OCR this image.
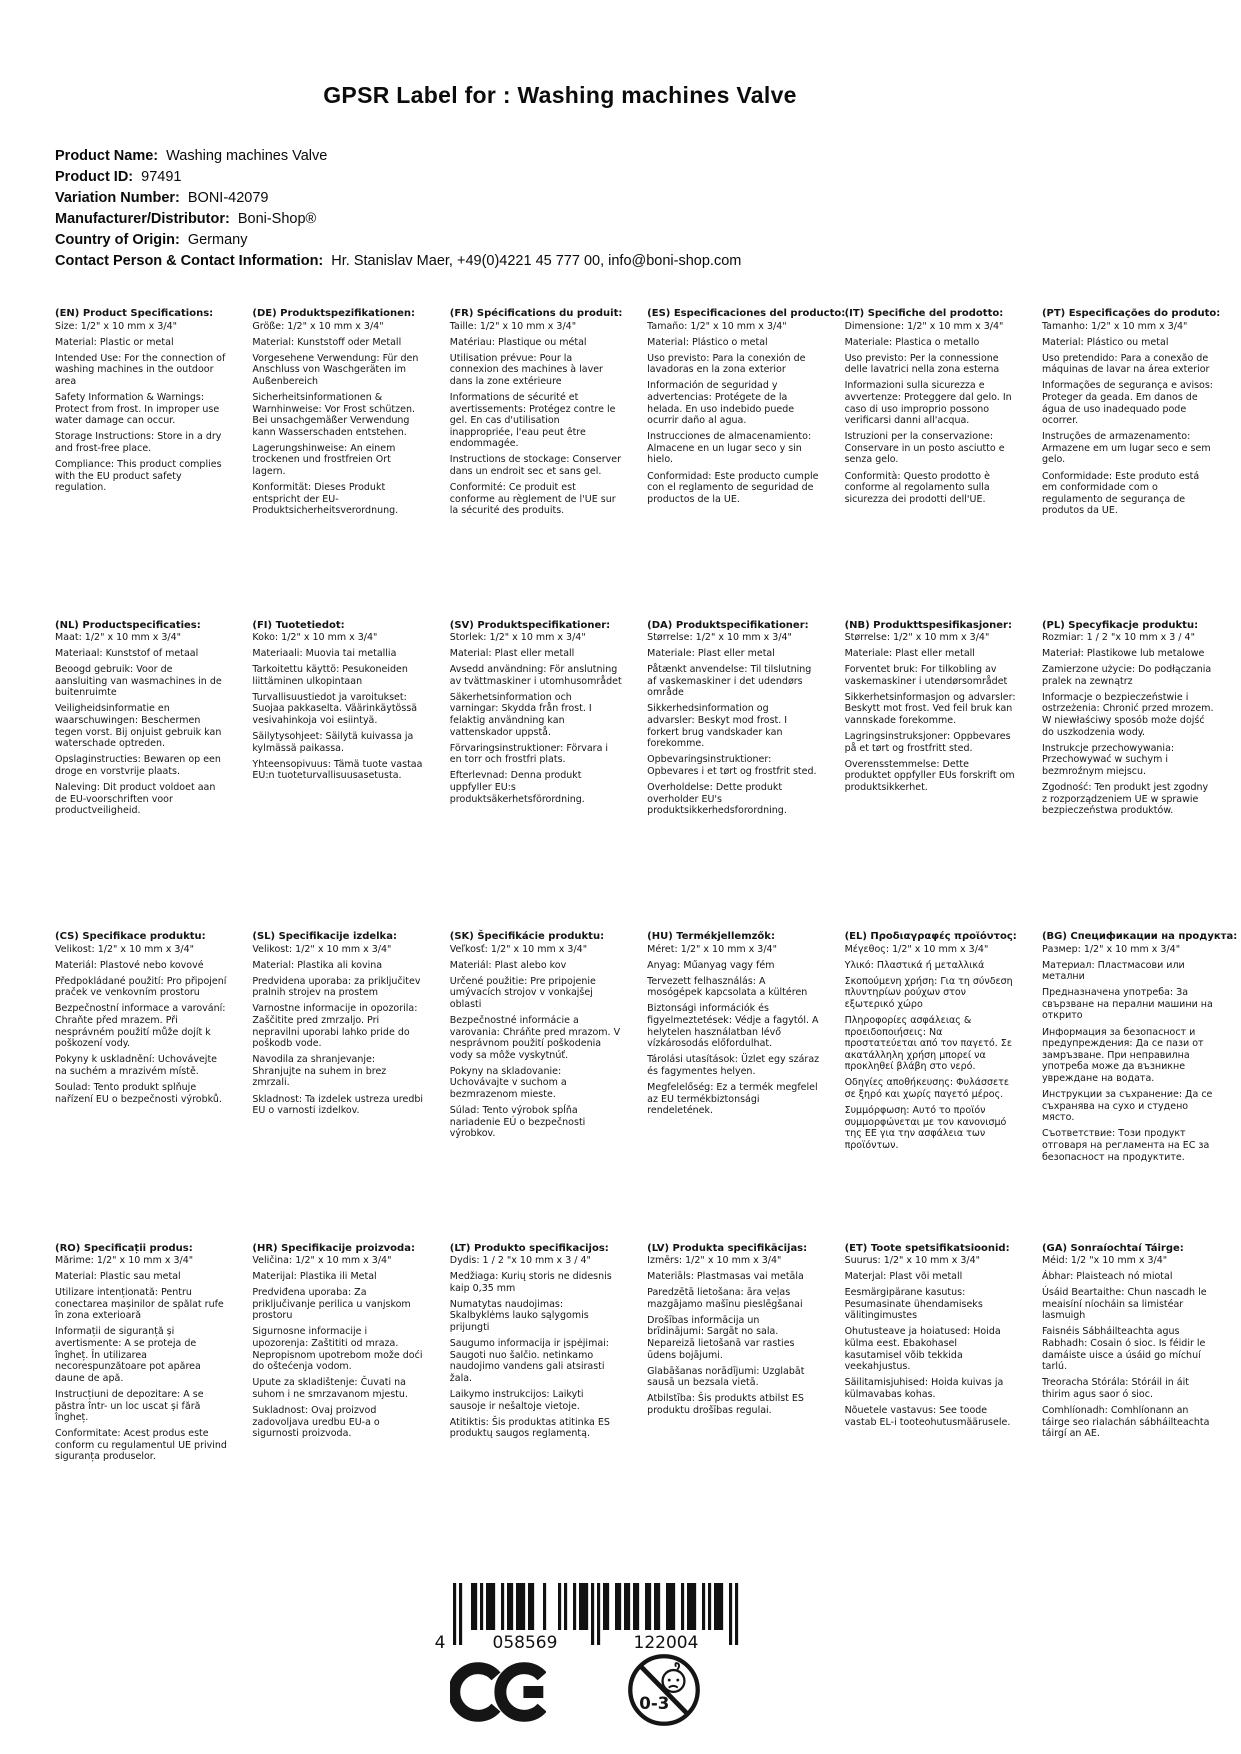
GPSR Label for : Washing machines Valve
Product Name: Washing machines Valve
Product ID: 97491
Variation Number: BONI-42079
Manufacturer/Distributor: Boni-Shop®
Country of Origin: Germany
Contact Person & Contact Information: Hr. Stanislav Maer, +49(0)4221 45 777 00, info@boni-shop.com

(EN) Product Specifications:

Size: 1/2" x 10 mm x 3/4"

Material: Plastic or metal

Intended Use: For the connection of washing machines in the outdoor area

Safety Information & Warnings: Protect from frost. In improper use water damage can occur.

Storage Instructions: Store in a dry and frost-free place.

Compliance: This product complies with the EU product safety regulation.

(DE) Produktspezifikationen:

Größe: 1/2" x 10 mm x 3/4"

Material: Kunststoff oder Metall

Vorgesehene Verwendung: Für den Anschluss von Waschgeräten im Außenbereich

Sicherheitsinformationen & Warnhinweise: Vor Frost schützen. Bei unsachgemäßer Verwendung kann Wasserschaden entstehen.

Lagerungshinweise: An einem trockenen und frostfreien Ort lagern.

Konformität: Dieses Produkt entspricht der EU-Produktsicherheitsverordnung.

(FR) Spécifications du produit:

Taille: 1/2" x 10 mm x 3/4"

Matériau: Plastique ou métal

Utilisation prévue: Pour la connexion des machines à laver dans la zone extérieure

Informations de sécurité et avertissements: Protégez contre le gel. En cas d'utilisation inappropriée, l'eau peut être endommagée.

Instructions de stockage: Conserver dans un endroit sec et sans gel.

Conformité: Ce produit est conforme au règlement de l'UE sur la sécurité des produits.

(ES) Especificaciones del producto:

Tamaño: 1/2" x 10 mm x 3/4"

Material: Plástico o metal

Uso previsto: Para la conexión de lavadoras en la zona exterior

Información de seguridad y advertencias: Protégete de la helada. En uso indebido puede ocurrir daño al agua.

Instrucciones de almacenamiento: Almacene en un lugar seco y sin hielo.

Conformidad: Este producto cumple con el reglamento de seguridad de productos de la UE.

(IT) Specifiche del prodotto:

Dimensione: 1/2" x 10 mm x 3/4"

Materiale: Plastica o metallo

Uso previsto: Per la connessione delle lavatrici nella zona esterna

Informazioni sulla sicurezza e avvertenze: Proteggere dal gelo. In caso di uso improprio possono verificarsi danni all'acqua.

Istruzioni per la conservazione: Conservare in un posto asciutto e senza gelo.

Conformità: Questo prodotto è conforme al regolamento sulla sicurezza dei prodotti dell'UE.

(PT) Especificações do produto:

Tamanho: 1/2" x 10 mm x 3/4"

Material: Plástico ou metal

Uso pretendido: Para a conexão de máquinas de lavar na área exterior

Informações de segurança e avisos: Proteger da geada. Em danos de água de uso inadequado pode ocorrer.

Instruções de armazenamento: Armazene em um lugar seco e sem gelo.

Conformidade: Este produto está em conformidade com o regulamento de segurança de produtos da UE.

(NL) Productspecificaties:

Maat: 1/2" x 10 mm x 3/4"

Materiaal: Kunststof of metaal

Beoogd gebruik: Voor de aansluiting van wasmachines in de buitenruimte

Veiligheidsinformatie en waarschuwingen: Beschermen tegen vorst. Bij onjuist gebruik kan waterschade optreden.

Opslaginstructies: Bewaren op een droge en vorstvrije plaats.

Naleving: Dit product voldoet aan de EU-voorschriften voor productveiligheid.

(FI) Tuotetiedot:

Koko: 1/2" x 10 mm x 3/4"

Materiaali: Muovia tai metallia

Tarkoitettu käyttö: Pesukoneiden liittäminen ulkopintaan

Turvallisuustiedot ja varoitukset: Suojaa pakkaselta. Väärinkäytössä vesivahinkoja voi esiintyä.

Säilytysohjeet: Säilytä kuivassa ja kylmässä paikassa.

Yhteensopivuus: Tämä tuote vastaa EU:n tuoteturvallisuusasetusta.

(SV) Produktspecifikationer:

Storlek: 1/2" x 10 mm x 3/4"

Material: Plast eller metall

Avsedd användning: För anslutning av tvättmaskiner i utomhusområdet

Säkerhetsinformation och varningar: Skydda från frost. I felaktig användning kan vattenskador uppstå.

Förvaringsinstruktioner: Förvara i en torr och frostfri plats.

Efterlevnad: Denna produkt uppfyller EU:s produktsäkerhetsförordning.

(DA) Produktspecifikationer:

Størrelse: 1/2" x 10 mm x 3/4"

Materiale: Plast eller metal

Påtænkt anvendelse: Til tilslutning af vaskemaskiner i det udendørs område

Sikkerhedsinformation og advarsler: Beskyt mod frost. I forkert brug vandskader kan forekomme.

Opbevaringsinstruktioner: Opbevares i et tørt og frostfrit sted.

Overholdelse: Dette produkt overholder EU's produktsikkerhedsforordning.

(NB) Produkttspesifikasjoner:

Størrelse: 1/2" x 10 mm x 3/4"

Materiale: Plast eller metall

Forventet bruk: For tilkobling av vaskemaskiner i utendørsområdet

Sikkerhetsinformasjon og advarsler: Beskytt mot frost. Ved feil bruk kan vannskade forekomme.

Lagringsinstruksjoner: Oppbevares på et tørt og frostfritt sted.

Overensstemmelse: Dette produktet oppfyller EUs forskrift om produktsikkerhet.

(PL) Specyfikacje produktu:

Rozmiar: 1 / 2 "x 10 mm x 3 / 4"

Materiał: Plastikowe lub metalowe

Zamierzone użycie: Do podłączania pralek na zewnątrz

Informacje o bezpieczeństwie i ostrzeżenia: Chronić przed mrozem. W niewłaściwy sposób może dojść do uszkodzenia wody.

Instrukcje przechowywania: Przechowywać w suchym i bezmroźnym miejscu.

Zgodność: Ten produkt jest zgodny z rozporządzeniem UE w sprawie bezpieczeństwa produktów.

(CS) Specifikace produktu:

Velikost: 1/2" x 10 mm x 3/4"

Materiál: Plastové nebo kovové

Předpokládané použití: Pro připojení praček ve venkovním prostoru

Bezpečnostní informace a varování: Chraňte před mrazem. Při nesprávném použití může dojít k poškození vody.

Pokyny k uskladnění: Uchovávejte na suchém a mrazivém místě.

Soulad: Tento produkt splňuje nařízení EU o bezpečnosti výrobků.

(SL) Specifikacije izdelka:

Velikost: 1/2" x 10 mm x 3/4"

Material: Plastika ali kovina

Predvidena uporaba: za priključitev pralnih strojev na prostem

Varnostne informacije in opozorila: Zaščitite pred zmrzaljo. Pri nepravilni uporabi lahko pride do poškodb vode.

Navodila za shranjevanje: Shranjujte na suhem in brez zmrzali.

Skladnost: Ta izdelek ustreza uredbi EU o varnosti izdelkov.

(SK) Špecifikácie produktu:

Veľkosť: 1/2" x 10 mm x 3/4"

Materiál: Plast alebo kov

Určené použitie: Pre pripojenie umývacích strojov v vonkajšej oblasti

Bezpečnostné informácie a varovania: Chráňte pred mrazom. V nesprávnom použití poškodenia vody sa môže vyskytnúť.

Pokyny na skladovanie: Uchovávajte v suchom a bezmrazenom mieste.

Súlad: Tento výrobok spĺňa nariadenie EÚ o bezpečnosti výrobkov.

(HU) Termékjellemzők:

Méret: 1/2" x 10 mm x 3/4"

Anyag: Műanyag vagy fém

Tervezett felhasználás: A mosógépek kapcsolata a kültéren

Biztonsági információk és figyelmeztetések: Védje a fagytól. A helytelen használatban lévő vízkárosodás előfordulhat.

Tárolási utasítások: Üzlet egy száraz és fagymentes helyen.

Megfelelőség: Ez a termék megfelel az EU termékbiztonsági rendeletének.

(EL) Προδιαγραφές προϊόντος:

Μέγεθος: 1/2" x 10 mm x 3/4"

Υλικό: Πλαστικά ή μεταλλικά

Σκοπούμενη χρήση: Για τη σύνδεση πλυντηρίων ρούχων στον εξωτερικό χώρο

Πληροφορίες ασφάλειας & προειδοποιήσεις: Να προστατεύεται από τον παγετό. Σε ακατάλληλη χρήση μπορεί να προκληθεί βλάβη στο νερό.

Οδηγίες αποθήκευσης: Φυλάσσετε σε ξηρό και χωρίς παγετό μέρος.

Συμμόρφωση: Αυτό το προϊόν συμμορφώνεται με τον κανονισμό της ΕΕ για την ασφάλεια των προϊόντων.

(BG) Спецификации на продукта:

Размер: 1/2" x 10 mm x 3/4"

Материал: Пластмасови или метални

Предназначена употреба: За свързване на перални машини на открито

Информация за безопасност и предупреждения: Да се пази от замръзване. При неправилна употреба може да възникне увреждане на водата.

Инструкции за съхранение: Да се съхранява на сухо и студено място.

Съответствие: Този продукт отговаря на регламента на ЕС за безопасност на продуктите.

(RO) Specificații produs:

Mărime: 1/2" x 10 mm x 3/4"

Material: Plastic sau metal

Utilizare intenționată: Pentru conectarea mașinilor de spălat rufe în zona exterioară

Informații de siguranță și avertismente: A se proteja de îngheț. În utilizarea necorespunzătoare pot apărea daune de apă.

Instrucțiuni de depozitare: A se păstra într- un loc uscat și fără îngheț.

Conformitate: Acest produs este conform cu regulamentul UE privind siguranța produselor.

(HR) Specifikacije proizvoda:

Veličina: 1/2" x 10 mm x 3/4"

Materijal: Plastika ili Metal

Predviđena uporaba: Za priključivanje perilica u vanjskom prostoru

Sigurnosne informacije i upozorenja: Zaštititi od mraza. Nepropisnom upotrebom može doći do oštećenja vodom.

Upute za skladištenje: Čuvati na suhom i ne smrzavanom mjestu.

Sukladnost: Ovaj proizvod zadovoljava uredbu EU-a o sigurnosti proizvoda.

(LT) Produkto specifikacijos:

Dydis: 1 / 2 "x 10 mm x 3 / 4"

Medžiaga: Kurių storis ne didesnis kaip 0,35 mm

Numatytas naudojimas: Skalbyklėms lauko sąlygomis prijungti

Saugumo informacija ir įspėjimai: Saugoti nuo šalčio. netinkamo naudojimo vandens gali atsirasti žala.

Laikymo instrukcijos: Laikyti sausoje ir nešaltoje vietoje.

Atitiktis: Šis produktas atitinka ES produktų saugos reglamentą.

(LV) Produkta specifikācijas:

Izmērs: 1/2" x 10 mm x 3/4"

Materiāls: Plastmasas vai metāla

Paredzētā lietošana: āra veļas mazgājamo mašīnu pieslēgšanai

Drošības informācija un brīdinājumi: Sargāt no sala. Nepareizā lietošanā var rasties ūdens bojājumi.

Glabāšanas norādījumi: Uzglabāt sausā un bezsala vietā.

Atbilstība: Šis produkts atbilst ES produktu drošības regulai.

(ET) Toote spetsifikatsioonid:

Suurus: 1/2" x 10 mm x 3/4"

Materjal: Plast või metall

Eesmärgipärane kasutus: Pesumasinate ühendamiseks välitingimustes

Ohutusteave ja hoiatused: Hoida külma eest. Ebakohasel kasutamisel võib tekkida veekahjustus.

Säilitamisjuhised: Hoida kuivas ja külmavabas kohas.

Nõuetele vastavus: See toode vastab EL-i tooteohutusmäärusele.

(GA) Sonraíochtaí Táirge:

Méid: 1/2 "x 10 mm x 3/4"

Ábhar: Plaisteach nó miotal

Úsáid Beartaithe: Chun nascadh le meaisíní níocháin sa limistéar lasmuigh

Faisnéis Sábháilteachta agus Rabhadh: Cosain ó sioc. Is féidir le damáiste uisce a úsáid go míchuí tarlú.

Treoracha Stórála: Stóráil in áit thirim agus saor ó sioc.

Comhlíonadh: Comhlíonann an táirge seo rialachán sábháilteachta táirgí an AE.

4	058569	122004
0-3
